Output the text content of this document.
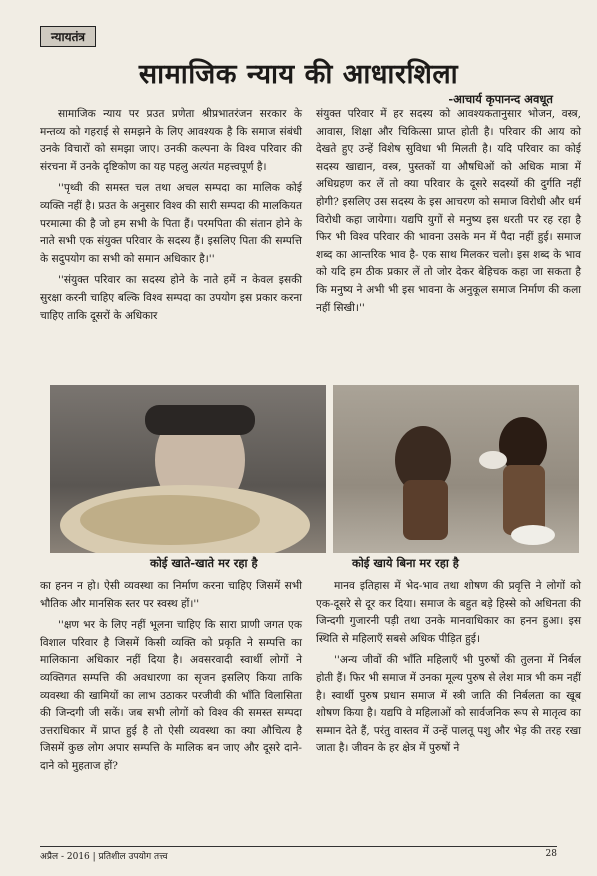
न्यायतंत्र
सामाजिक न्याय की आधारशिला
-आचार्य कृपानन्द अवधूत

सामाजिक न्याय पर प्रउत प्रणेता श्रीप्रभातरंजन सरकार के मन्तव्य को गहराई से समझने के लिए आवश्यक है कि समाज संबंधी उनके विचारों को समझा जाए। उनकी कल्पना के विश्व परिवार की संरचना में उनके दृष्टिकोण का यह पहलु अत्यंत महत्त्वपूर्ण है।

''पृथ्वी की समस्त चल तथा अचल सम्पदा का मालिक कोई व्यक्ति नहीं है। प्रउत के अनुसार विश्व की सारी सम्पदा की मालकियत परमात्मा की है जो हम सभी के पिता हैं। परमपिता की संतान होने के नाते सभी एक संयुक्त परिवार के सदस्य हैं। इसलिए पिता की सम्पत्ति के सदुपयोग का सभी को समान अधिकार है।''

''संयुक्त परिवार का सदस्य होने के नाते हमें न केवल इसकी सुरक्षा करनी चाहिए बल्कि विश्व सम्पदा का उपयोग इस प्रकार करना चाहिए ताकि दूसरों के अधिकार

संयुक्त परिवार में हर सदस्य को आवश्यकतानुसार भोजन, वस्त्र, आवास, शिक्षा और चिकित्सा प्राप्त होती है। परिवार की आय को देखते हुए उन्हें विशेष सुविधा भी मिलती है। यदि परिवार का कोई सदस्य खाद्यान, वस्त्र, पुस्तकों या औषधिओं को अधिक मात्रा में अधिग्रहण कर लें तो क्या परिवार के दूसरे सदस्यों की दुर्गति नहीं होगी? इसलिए उस सदस्य के इस आचरण को समाज विरोधी और धर्म विरोधी कहा जायेगा। यद्यपि युगों से मनुष्य इस धरती पर रह रहा है फिर भी विश्व परिवार की भावना उसके मन में पैदा नहीं हुई। समाज शब्द का आन्तरिक भाव है- एक साथ मिलकर चलो। इस शब्द के भाव को यदि हम ठीक प्रकार लें तो जोर देकर बेहिचक कहा जा सकता है कि मनुष्य ने अभी भी इस भावना के अनुकूल समाज निर्माण की कला नहीं सिखी।''

कोई खाते-खाते मर रहा है	कोई खाये बिना मर रहा है

का हनन न हो। ऐसी व्यवस्था का निर्माण करना चाहिए जिसमें सभी भौतिक और मानसिक स्तर पर स्वस्थ हों।''

''क्षण भर के लिए नहीं भूलना चाहिए कि सारा प्राणी जगत एक विशाल परिवार है जिसमें किसी व्यक्ति को प्रकृति ने सम्पत्ति का मालिकाना अधिकार नहीं दिया है। अवसरवादी स्वार्थी लोगों ने व्यक्तिगत सम्पत्ति की अवधारणा का सृजन इसलिए किया ताकि व्यवस्था की खामियों का लाभ उठाकर परजीवी की भाँति विलासिता की जिन्दगी जी सकें। जब सभी लोगों को विश्व की समस्त सम्पदा उत्तराधिकार में प्राप्त हुई है तो ऐसी व्यवस्था का क्या औचित्य है जिसमें कुछ लोग अपार सम्पत्ति के मालिक बन जाए और दूसरे दाने-दाने को मुहताज हों?

मानव इतिहास में भेद-भाव तथा शोषण की प्रवृत्ति ने लोगों को एक-दूसरे से दूर कर दिया। समाज के बहुत बड़े हिस्से को अधिनता की जिन्दगी गुजारनी पड़ी तथा उनके मानवाधिकार का हनन हुआ। इस स्थिति से महिलाएँ सबसे अधिक पीड़ित हुई।

''अन्य जीवों की भाँति महिलाएँ भी पुरुषों की तुलना में निर्बल होती हैं। फिर भी समाज में उनका मूल्य पुरुष से लेश मात्र भी कम नहीं है। स्वार्थी पुरुष प्रधान समाज में स्त्री जाति की निर्बलता का खूब शोषण किया है। यद्यपि वे महिलाओं को सार्वजनिक रूप से मातृत्व का सम्मान देते हैं, परंतु वास्तव में उन्हें पालतू पशु और भेड़ की तरह रखा जाता है। जीवन के हर क्षेत्र में पुरुषों ने

अप्रैल - 2016 | प्रतिशील उपयोग तत्त्व	28
